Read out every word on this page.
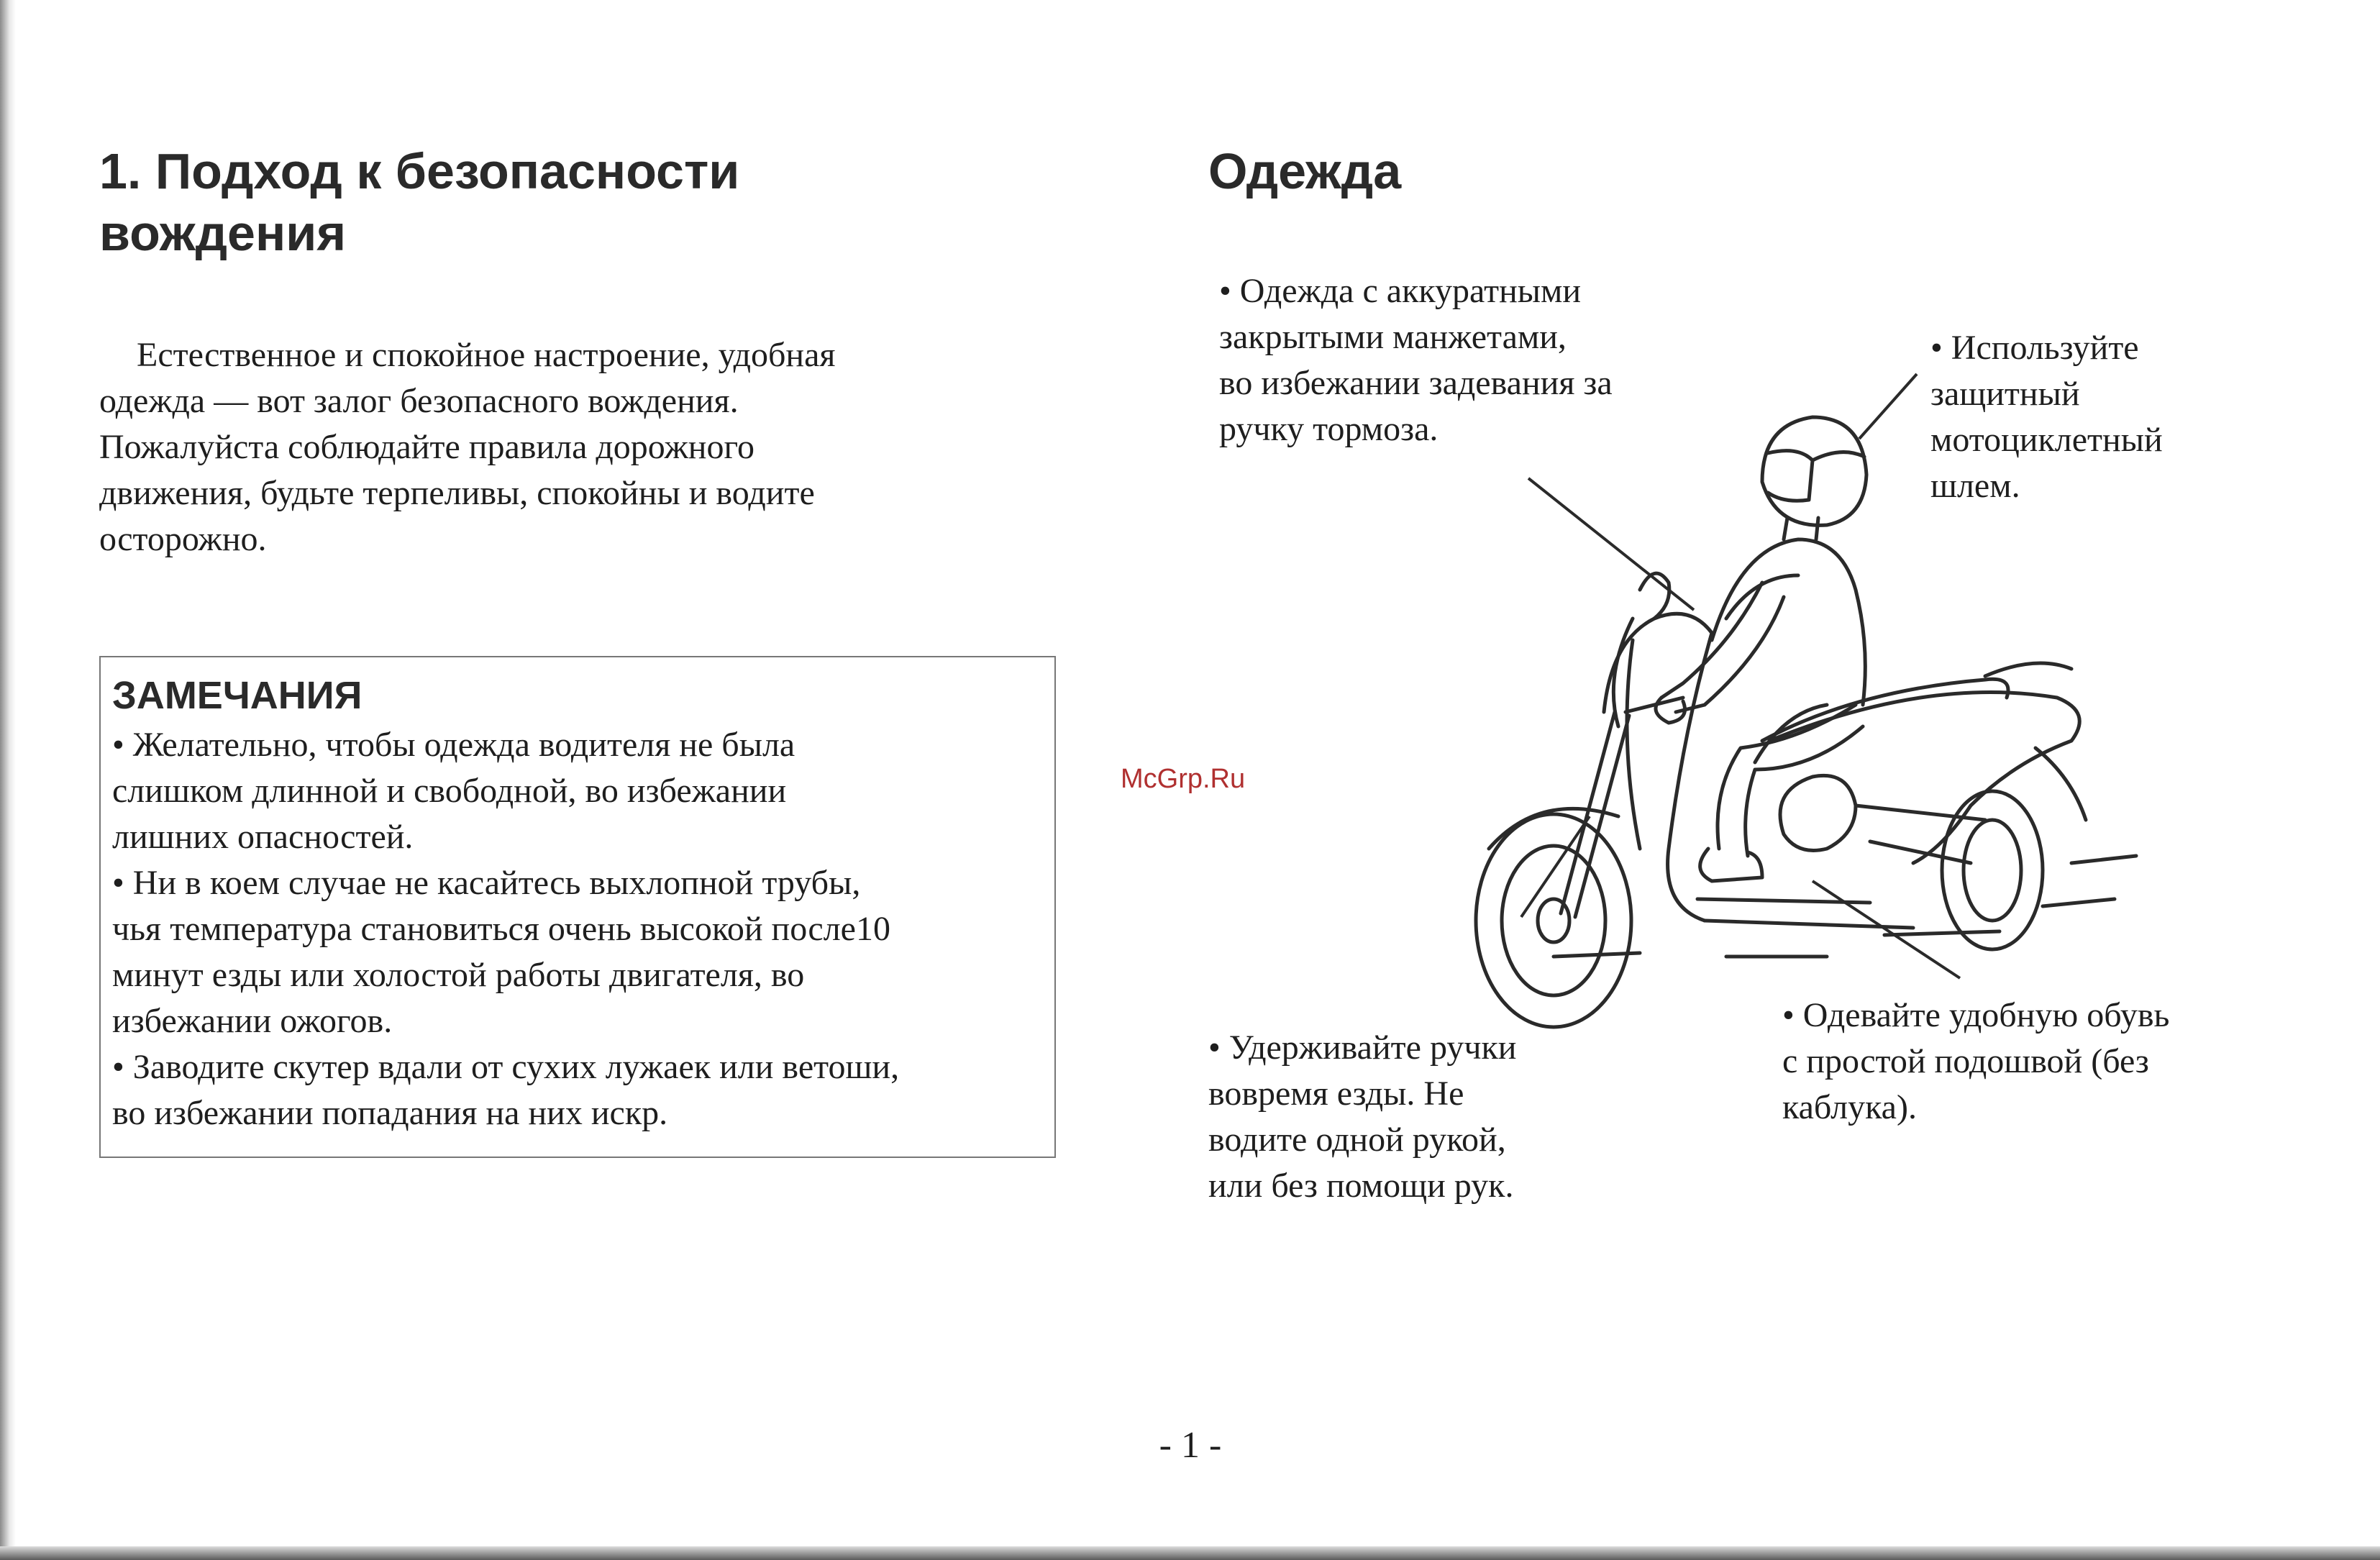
1. Подход к безопасности
вождения
Естественное и спокойное настроение, удобная
одежда — вот залог безопасного вождения.
Пожалуйста соблюдайте правила дорожного
движения, будьте терпеливы, спокойны и водите
осторожно.
ЗАМЕЧАНИЯ
• Желательно, чтобы одежда водителя не была
слишком длинной и свободной, во избежании
лишних опасностей.
• Ни в коем случае не касайтесь выхлопной трубы,
чья температура становиться очень высокой после10
минут езды или холостой работы двигателя, во
избежании ожогов.
• Заводите скутер вдали от сухих лужаек или ветоши,
во избежании попадания на них искр.
McGrp.Ru
Одежда
• Одежда с аккуратными
закрытыми манжетами,
во избежании задевания за
ручку тормоза.
• Используйте
защитный
мотоциклетный
шлем.
• Удерживайте ручки
вовремя езды. Не
водите одной рукой,
или без помощи рук.
• Одевайте удобную обувь
с простой подошвой (без
каблука).
- 1 -
